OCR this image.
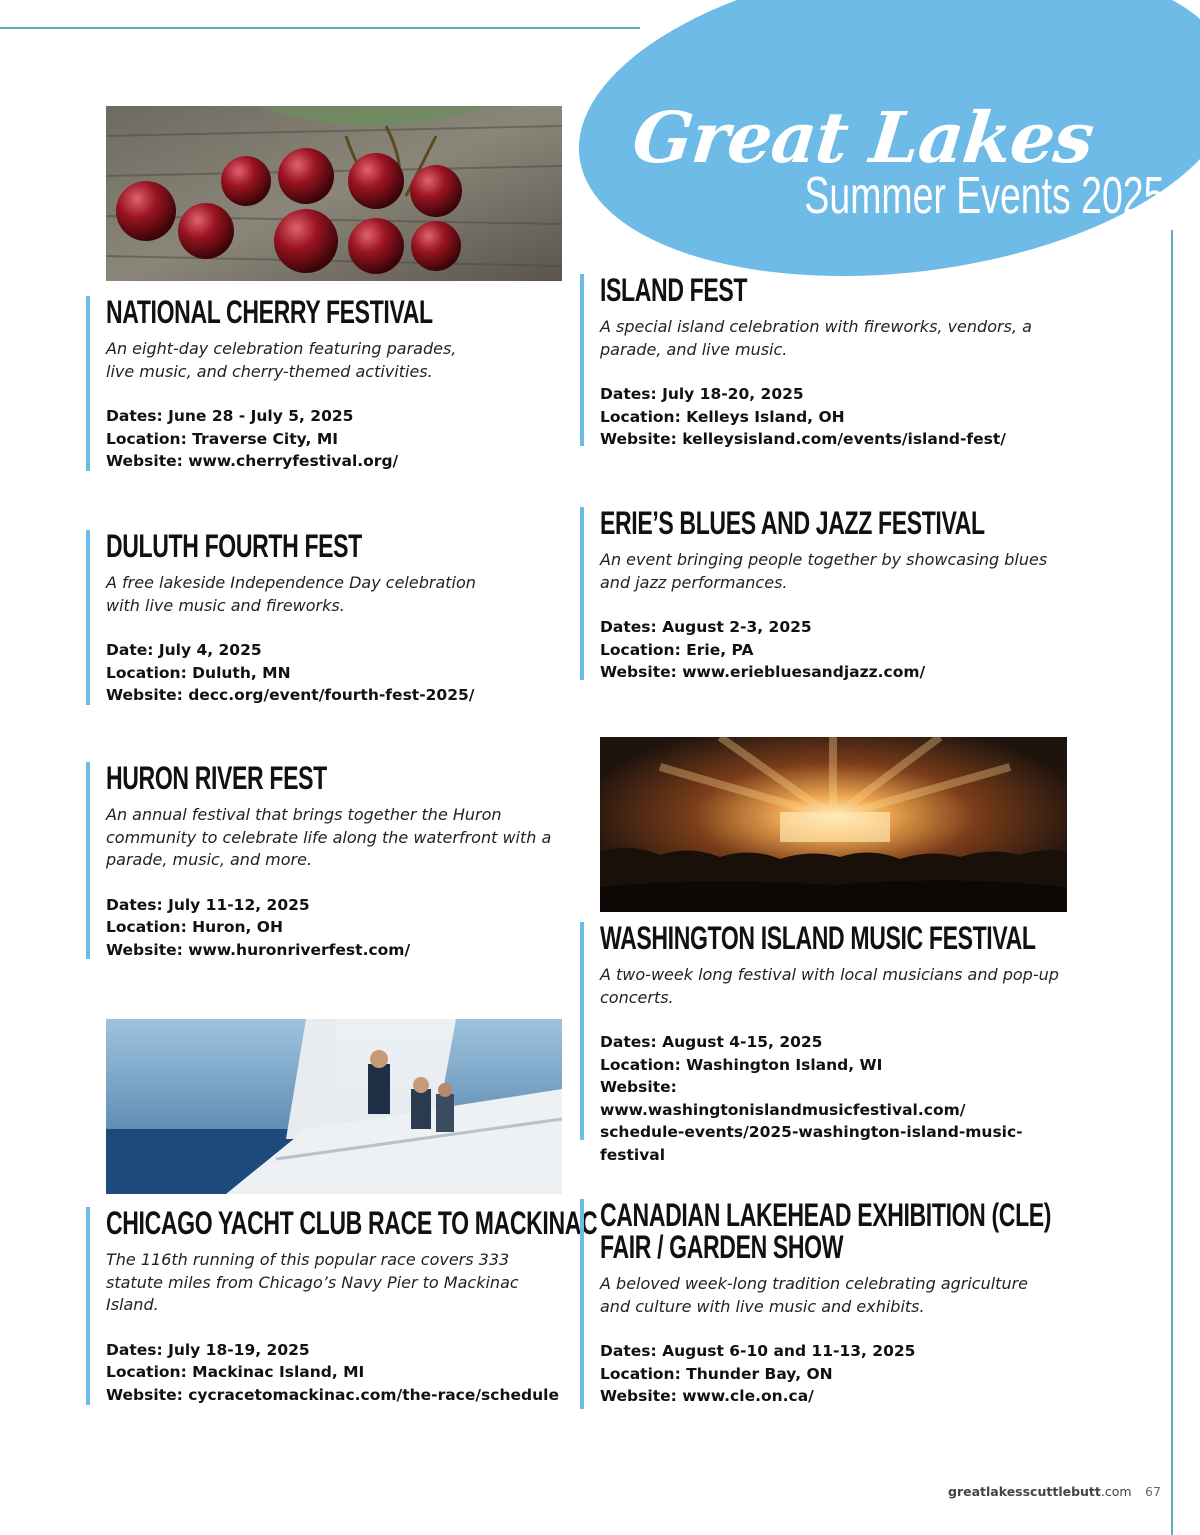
Great Lakes
Summer Events 2025
NATIONAL CHERRY FESTIVAL

An eight-day celebration featuring parades, live music, and cherry-themed activities.

Dates: June 28 - July 5, 2025
Location: Traverse City, MI
Website: www.cherryfestival.org/
DULUTH FOURTH FEST

A free lakeside Independence Day celebration with live music and fireworks.

Date: July 4, 2025
Location: Duluth, MN
Website: decc.org/event/fourth-fest-2025/
HURON RIVER FEST

An annual festival that brings together the Huron community to celebrate life along the waterfront with a parade, music, and more.

Dates: July 11-12, 2025
Location: Huron, OH
Website: www.huronriverfest.com/
CHICAGO YACHT CLUB RACE TO MACKINAC

The 116th running of this popular race covers 333 statute miles from Chicago’s Navy Pier to Mackinac Island.

Dates: July 18-19, 2025
Location: Mackinac Island, MI
Website: cycracetomackinac.com/the-race/schedule
ISLAND FEST

A special island celebration with fireworks, vendors, a parade, and live music.

Dates: July 18-20, 2025
Location: Kelleys Island, OH
Website: kelleysisland.com/events/island-fest/
ERIE’S BLUES AND JAZZ FESTIVAL

An event bringing people together by showcasing blues and jazz performances.

Dates: August 2-3, 2025
Location: Erie, PA
Website: www.eriebluesandjazz.com/
WASHINGTON ISLAND MUSIC FESTIVAL

A two-week long festival with local musicians and pop-up concerts.

Dates: August 4-15, 2025
Location: Washington Island, WI
Website: www.washingtonislandmusicfestival.com/ schedule-events/2025-washington-island-music-festival
CANADIAN LAKEHEAD EXHIBITION (CLE)
FAIR / GARDEN SHOW

A beloved week-long tradition celebrating agriculture and culture with live music and exhibits.

Dates: August 6-10 and 11-13, 2025
Location: Thunder Bay, ON
Website: www.cle.on.ca/
greatlakesscuttlebutt.com 67
